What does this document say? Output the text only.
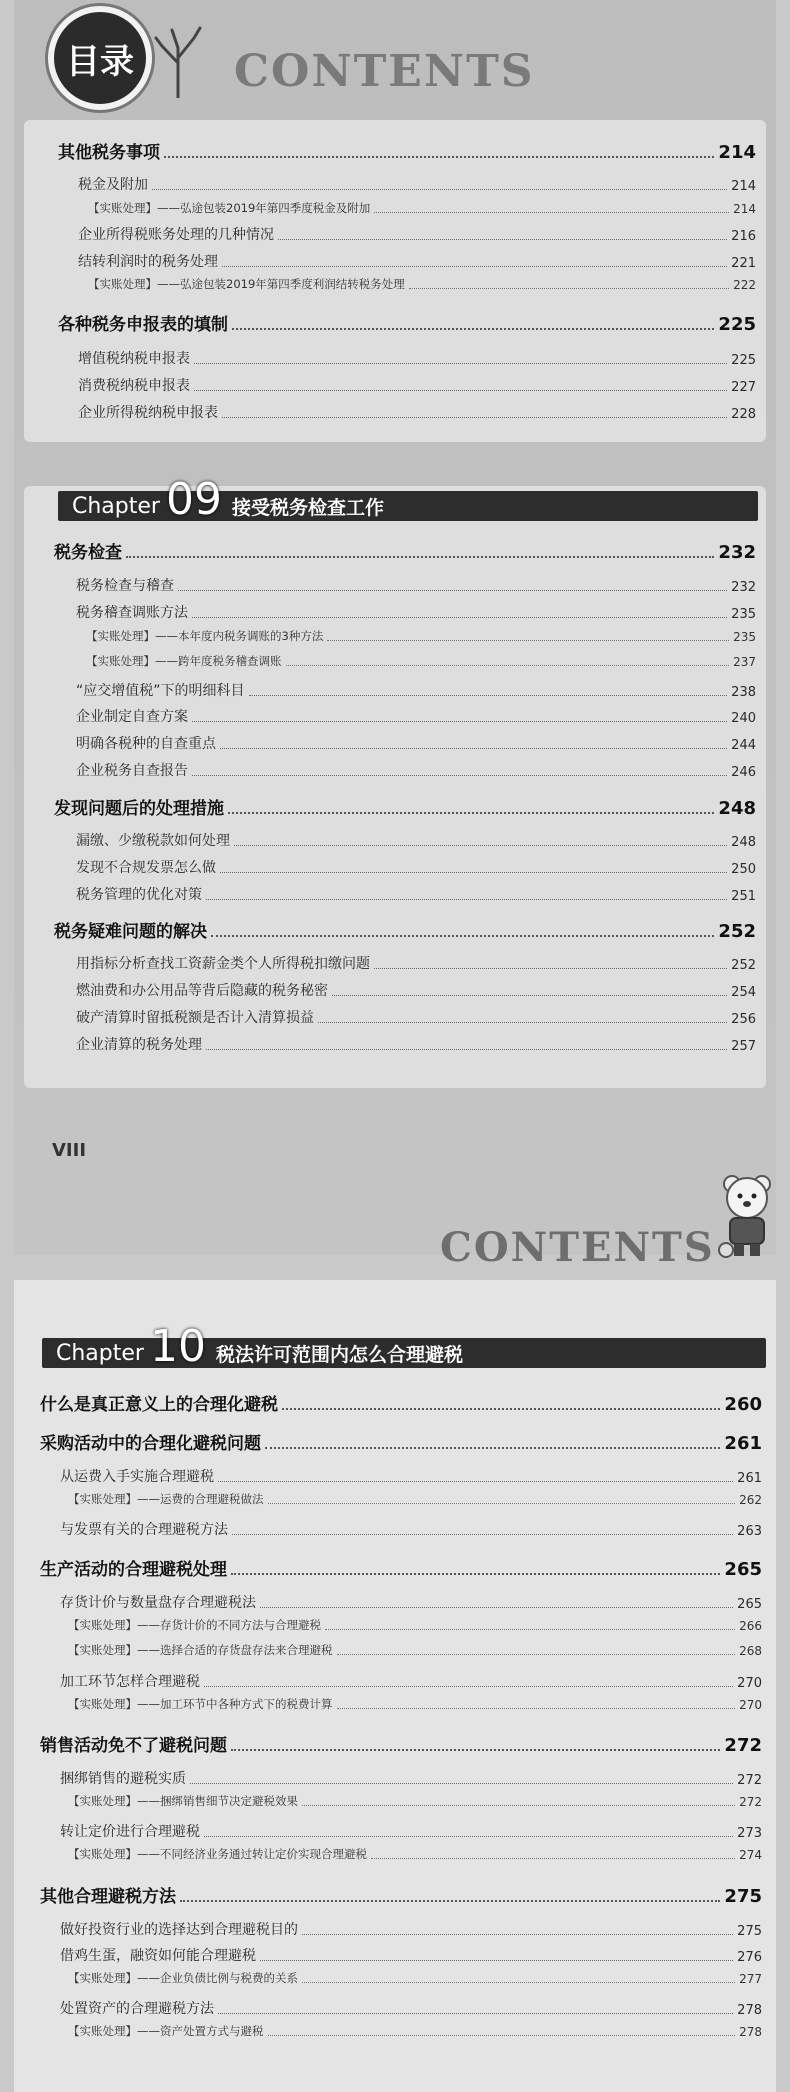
目录	CONTENTS
Chapter 09 接受税务检查工作
VIII
CONTENTS
Chapter 10 税法许可范围内怎么合理避税
其他税务事项	214
税金及附加	214
【实账处理】——弘途包装2019年第四季度税金及附加	214
企业所得税账务处理的几种情况	216
结转利润时的税务处理	221
【实账处理】——弘途包装2019年第四季度利润结转税务处理	222
各种税务申报表的填制	225
增值税纳税申报表	225
消费税纳税申报表	227
企业所得税纳税申报表	228
税务检查	232
税务检查与稽查	232
税务稽查调账方法	235
【实账处理】——本年度内税务调账的3种方法	235
【实账处理】——跨年度税务稽查调账	237
“应交增值税”下的明细科目	238
企业制定自查方案	240
明确各税种的自查重点	244
企业税务自查报告	246
发现问题后的处理措施	248
漏缴、少缴税款如何处理	248
发现不合规发票怎么做	250
税务管理的优化对策	251
税务疑难问题的解决	252
用指标分析查找工资薪金类个人所得税扣缴问题	252
燃油费和办公用品等背后隐藏的税务秘密	254
破产清算时留抵税额是否计入清算损益	256
企业清算的税务处理	257
什么是真正意义上的合理化避税	260
采购活动中的合理化避税问题	261
从运费入手实施合理避税	261
【实账处理】——运费的合理避税做法	262
与发票有关的合理避税方法	263
生产活动的合理避税处理	265
存货计价与数量盘存合理避税法	265
【实账处理】——存货计价的不同方法与合理避税	266
【实账处理】——选择合适的存货盘存法来合理避税	268
加工环节怎样合理避税	270
【实账处理】——加工环节中各种方式下的税费计算	270
销售活动免不了避税问题	272
捆绑销售的避税实质	272
【实账处理】——捆绑销售细节决定避税效果	272
转让定价进行合理避税	273
【实账处理】——不同经济业务通过转让定价实现合理避税	274
其他合理避税方法	275
做好投资行业的选择达到合理避税目的	275
借鸡生蛋，融资如何能合理避税	276
【实账处理】——企业负债比例与税费的关系	277
处置资产的合理避税方法	278
【实账处理】——资产处置方式与避税	278
